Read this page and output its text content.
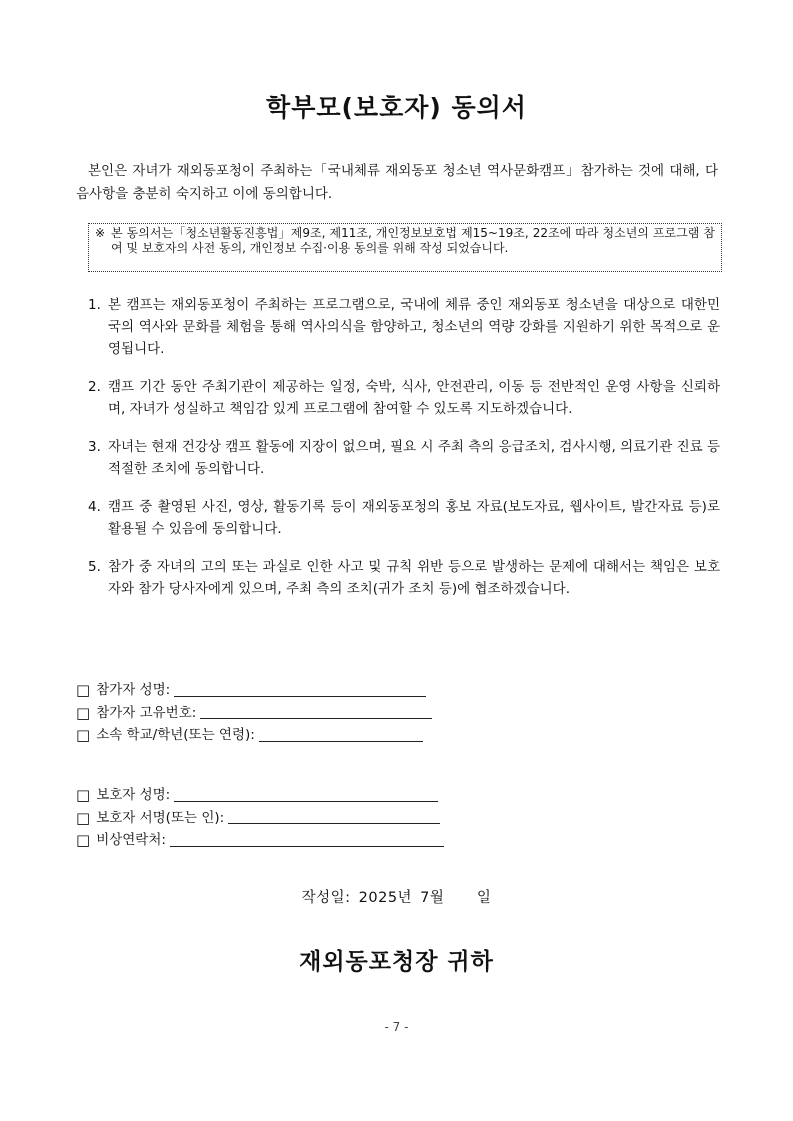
학부모(보호자) 동의서
본인은 자녀가 재외동포청이 주최하는「국내체류 재외동포 청소년 역사문화캠프」참가하는 것에 대해, 다음사항을 충분히 숙지하고 이에 동의합니다.
※ 본 동의서는「청소년활동진흥법」제9조, 제11조, 개인정보보호법 제15~19조, 22조에 따라 청소년의 프로그램 참여 및 보호자의 사전 동의, 개인정보 수집·이용 동의를 위해 작성 되었습니다.
1. 본 캠프는 재외동포청이 주최하는 프로그램으로, 국내에 체류 중인 재외동포 청소년을 대상으로 대한민국의 역사와 문화를 체험을 통해 역사의식을 함양하고, 청소년의 역량 강화를 지원하기 위한 목적으로 운영됩니다.
2. 캠프 기간 동안 주최기관이 제공하는 일정, 숙박, 식사, 안전관리, 이동 등 전반적인 운영 사항을 신뢰하며, 자녀가 성실하고 책임감 있게 프로그램에 참여할 수 있도록 지도하겠습니다.
3. 자녀는 현재 건강상 캠프 활동에 지장이 없으며, 필요 시 주최 측의 응급조치, 검사시행, 의료기관 진료 등 적절한 조치에 동의합니다.
4. 캠프 중 촬영된 사진, 영상, 활동기록 등이 재외동포청의 홍보 자료(보도자료, 웹사이트, 발간자료 등)로 활용될 수 있음에 동의합니다.
5. 참가 중 자녀의 고의 또는 과실로 인한 사고 및 규칙 위반 등으로 발생하는 문제에 대해서는 책임은 보호자와 참가 당사자에게 있으며, 주최 측의 조치(귀가 조치 등)에 협조하겠습니다.
□ 참가자 성명:
□ 참가자 고유번호:
□ 소속 학교/학년(또는 연령):
□ 보호자 성명:
□ 보호자 서명(또는 인):
□ 비상연락처:
작성일: 2025년 7월    일
재외동포청장 귀하
- 7 -
